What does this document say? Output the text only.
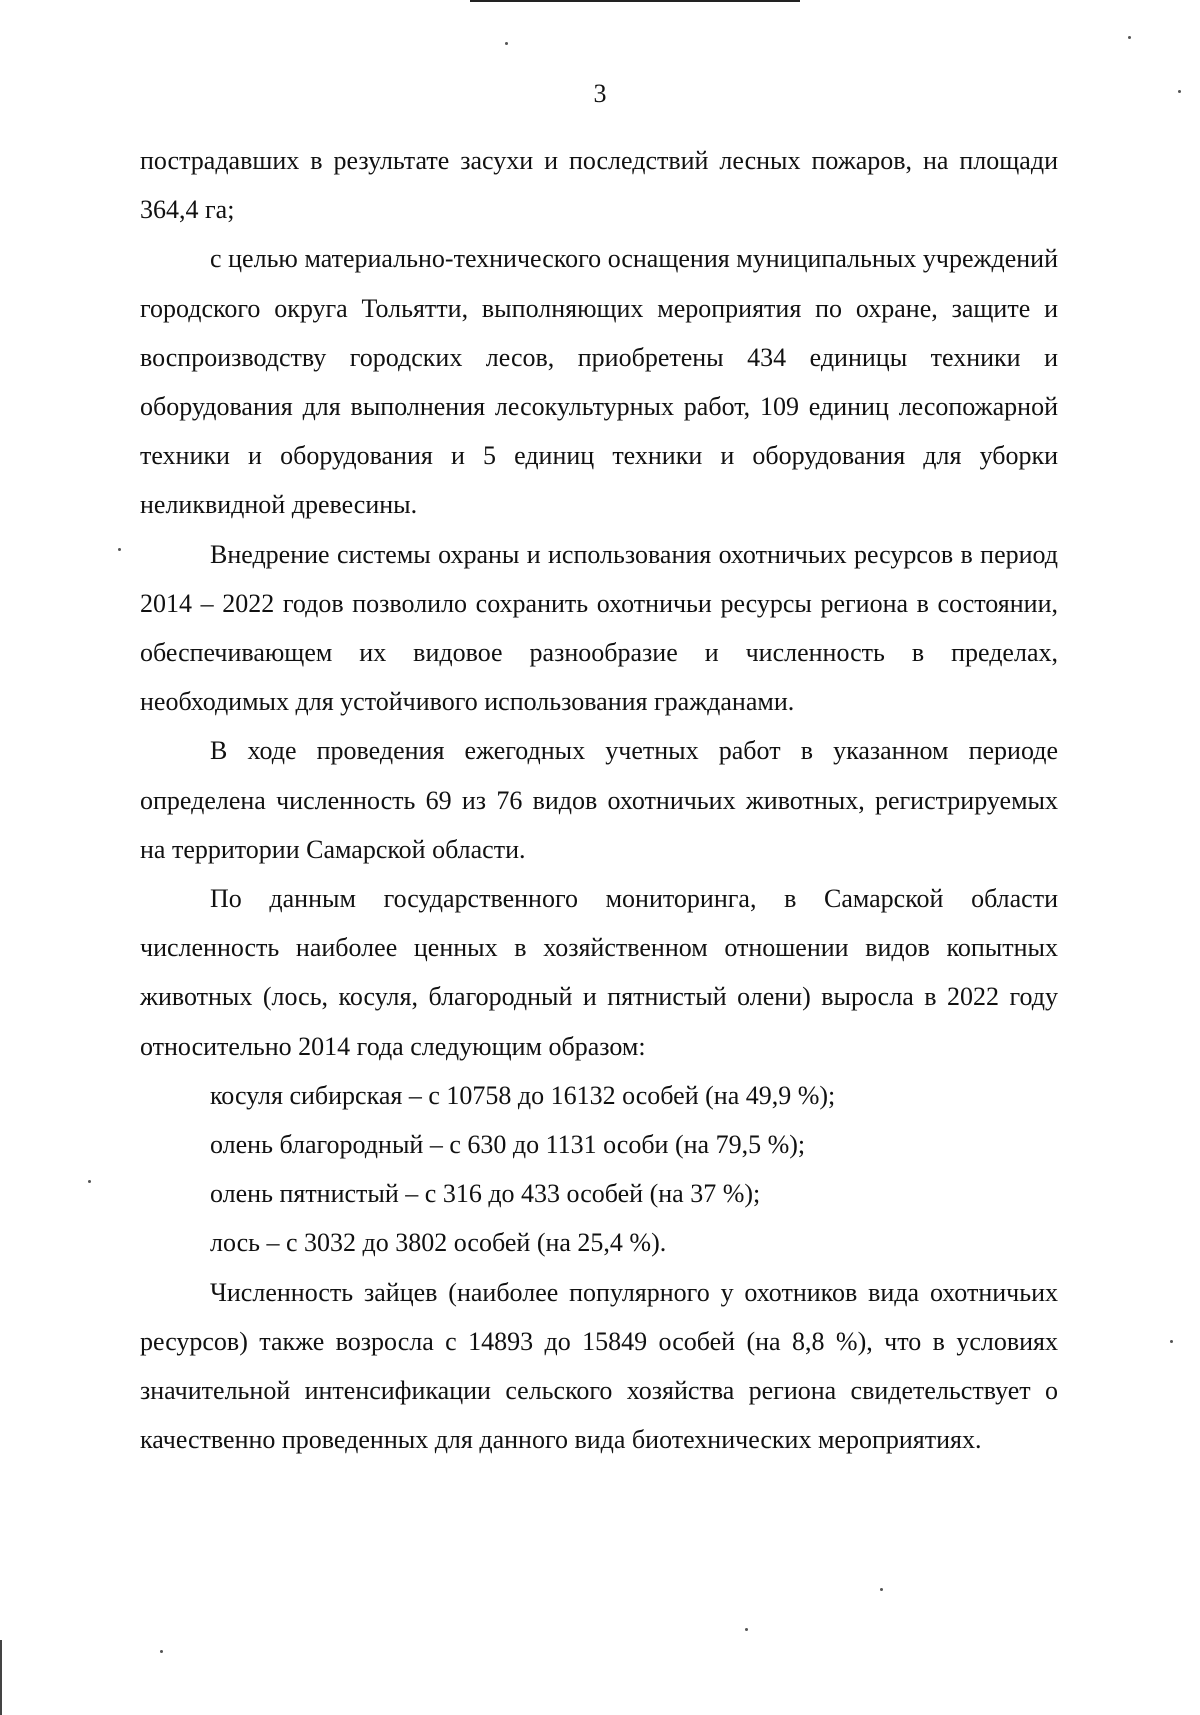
3

пострадавших в результате засухи и последствий лесных пожаров, на площади 364,4 га;

с целью материально-технического оснащения муниципальных учреждений городского округа Тольятти, выполняющих мероприятия по охране, защите и воспроизводству городских лесов, приобретены 434 единицы техники и оборудования для выполнения лесокультурных работ, 109 единиц лесопожарной техники и оборудования и 5 единиц техники и оборудования для уборки неликвидной древесины.

Внедрение системы охраны и использования охотничьих ресурсов в период 2014 – 2022 годов позволило сохранить охотничьи ресурсы региона в состоянии, обеспечивающем их видовое разнообразие и численность в пределах, необходимых для устойчивого использования гражданами.

В ходе проведения ежегодных учетных работ в указанном периоде определена численность 69 из 76 видов охотничьих животных, регистрируемых на территории Самарской области.

По данным государственного мониторинга, в Самарской области численность наиболее ценных в хозяйственном отношении видов копытных животных (лось, косуля, благородный и пятнистый олени) выросла в 2022 году относительно 2014 года следующим образом:

косуля сибирская – с 10758 до 16132 особей (на 49,9 %);

олень благородный – с 630 до 1131 особи (на 79,5 %);

олень пятнистый – с 316 до 433 особей (на 37 %);

лось – с 3032 до 3802 особей (на 25,4 %).

Численность зайцев (наиболее популярного у охотников вида охотничьих ресурсов) также возросла с 14893 до 15849 особей (на 8,8 %), что в условиях значительной интенсификации сельского хозяйства региона свидетельствует о качественно проведенных для данного вида биотехнических мероприятиях.
